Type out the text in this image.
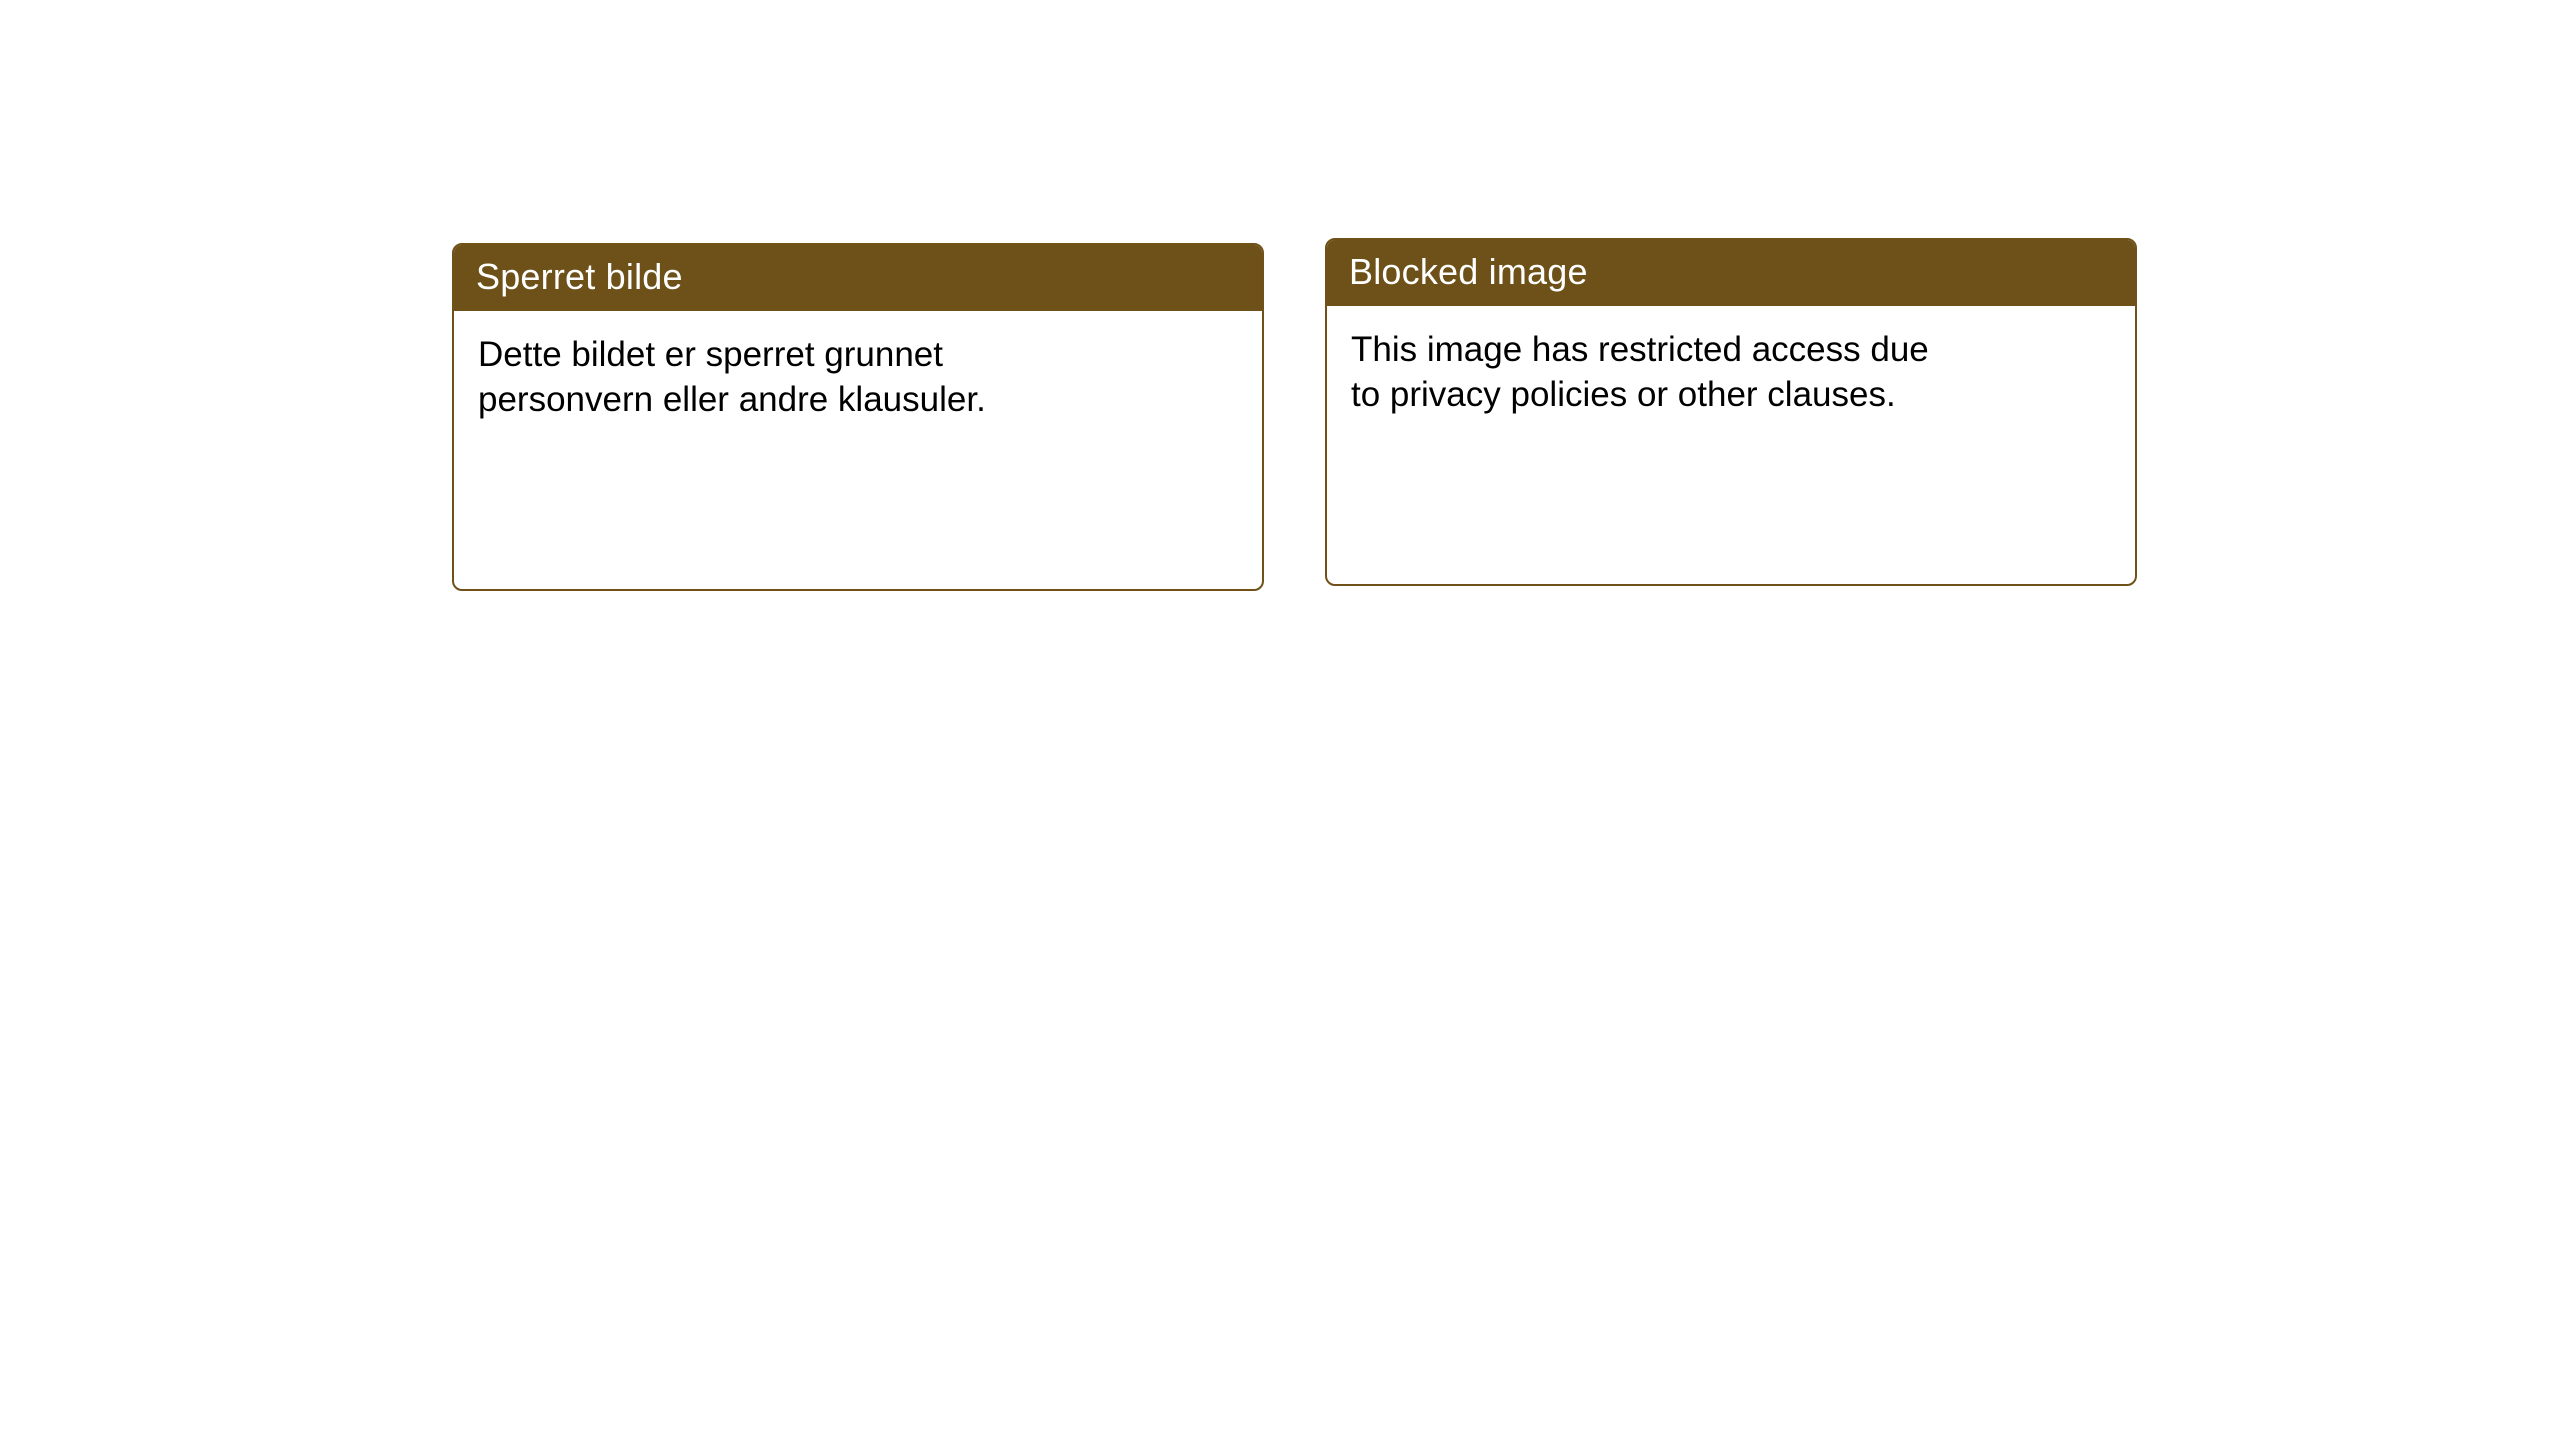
Sperret bilde
Dette bildet er sperret grunnet personvern eller andre klausuler.
Blocked image
This image has restricted access due to privacy policies or other clauses.
